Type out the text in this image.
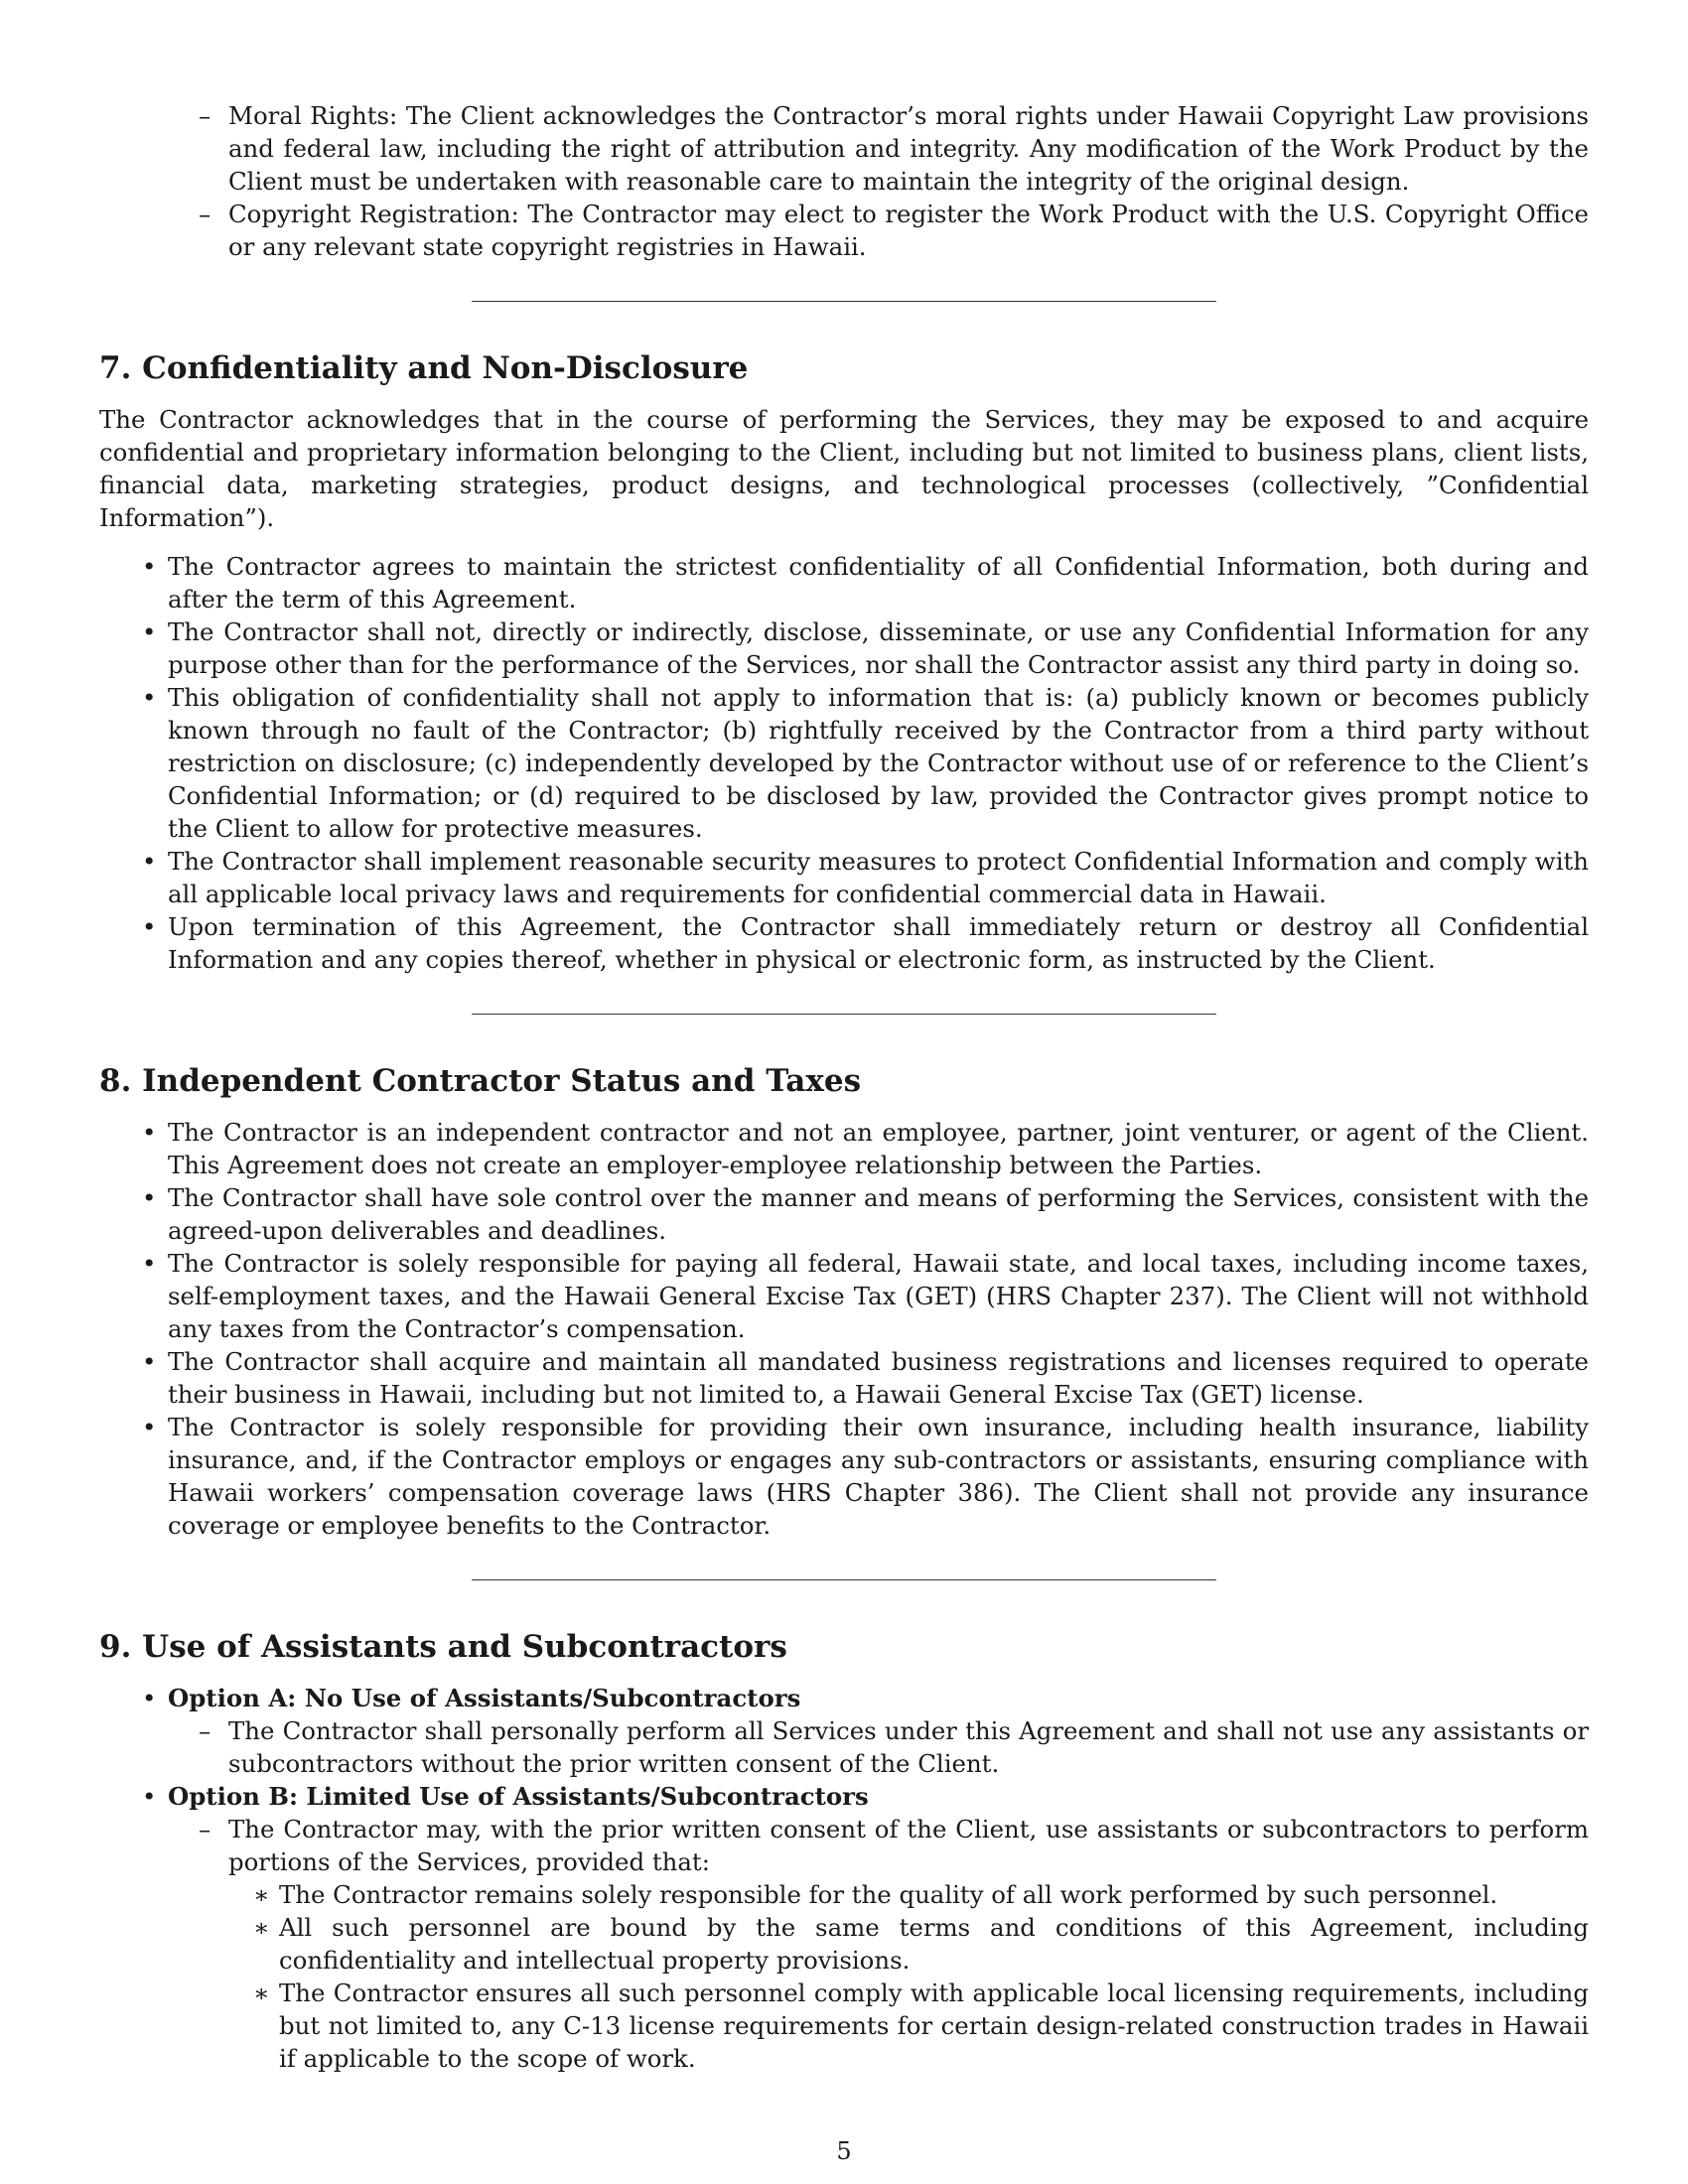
– Moral Rights: The Client acknowledges the Contractor’s moral rights under Hawaii Copyright Law provisions and federal law, including the right of attribution and integrity. Any modification of the Work Product by the Client must be undertaken with reasonable care to maintain the integrity of the original design.
– Copyright Registration: The Contractor may elect to register the Work Product with the U.S. Copyright Office or any relevant state copyright registries in Hawaii.
7. Confidentiality and Non-Disclosure

The Contractor acknowledges that in the course of performing the Services, they may be exposed to and acquire confidential and proprietary information belonging to the Client, including but not limited to business plans, client lists, financial data, marketing strategies, product designs, and technological processes (collectively, ”Confidential Information”).

• The Contractor agrees to maintain the strictest confidentiality of all Confidential Information, both during and after the term of this Agreement.
• The Contractor shall not, directly or indirectly, disclose, disseminate, or use any Confidential Information for any purpose other than for the performance of the Services, nor shall the Contractor assist any third party in doing so.
• This obligation of confidentiality shall not apply to information that is: (a) publicly known or becomes publicly known through no fault of the Contractor; (b) rightfully received by the Contractor from a third party without restriction on disclosure; (c) independently developed by the Contractor without use of or reference to the Client’s Confidential Information; or (d) required to be disclosed by law, provided the Contractor gives prompt notice to the Client to allow for protective measures.
• The Contractor shall implement reasonable security measures to protect Confidential Information and comply with all applicable local privacy laws and requirements for confidential commercial data in Hawaii.
• Upon termination of this Agreement, the Contractor shall immediately return or destroy all Confidential Information and any copies thereof, whether in physical or electronic form, as instructed by the Client.
8. Independent Contractor Status and Taxes
• The Contractor is an independent contractor and not an employee, partner, joint venturer, or agent of the Client. This Agreement does not create an employer-employee relationship between the Parties.
• The Contractor shall have sole control over the manner and means of performing the Services, consistent with the agreed-upon deliverables and deadlines.
• The Contractor is solely responsible for paying all federal, Hawaii state, and local taxes, including income taxes, self-employment taxes, and the Hawaii General Excise Tax (GET) (HRS Chapter 237). The Client will not withhold any taxes from the Contractor’s compensation.
• The Contractor shall acquire and maintain all mandated business registrations and licenses required to operate their business in Hawaii, including but not limited to, a Hawaii General Excise Tax (GET) license.
• The Contractor is solely responsible for providing their own insurance, including health insurance, liability insurance, and, if the Contractor employs or engages any sub-contractors or assistants, ensuring compliance with Hawaii workers’ compensation coverage laws (HRS Chapter 386). The Client shall not provide any insurance coverage or employee benefits to the Contractor.
9. Use of Assistants and Subcontractors
• Option A: No Use of Assistants/Subcontractors
– The Contractor shall personally perform all Services under this Agreement and shall not use any assistants or subcontractors without the prior written consent of the Client.
• Option B: Limited Use of Assistants/Subcontractors
– The Contractor may, with the prior written consent of the Client, use assistants or subcontractors to perform portions of the Services, provided that:
∗ The Contractor remains solely responsible for the quality of all work performed by such personnel.
∗ All such personnel are bound by the same terms and conditions of this Agreement, including confidentiality and intellectual property provisions.
∗ The Contractor ensures all such personnel comply with applicable local licensing requirements, including but not limited to, any C-13 license requirements for certain design-related construction trades in Hawaii if applicable to the scope of work.
5
